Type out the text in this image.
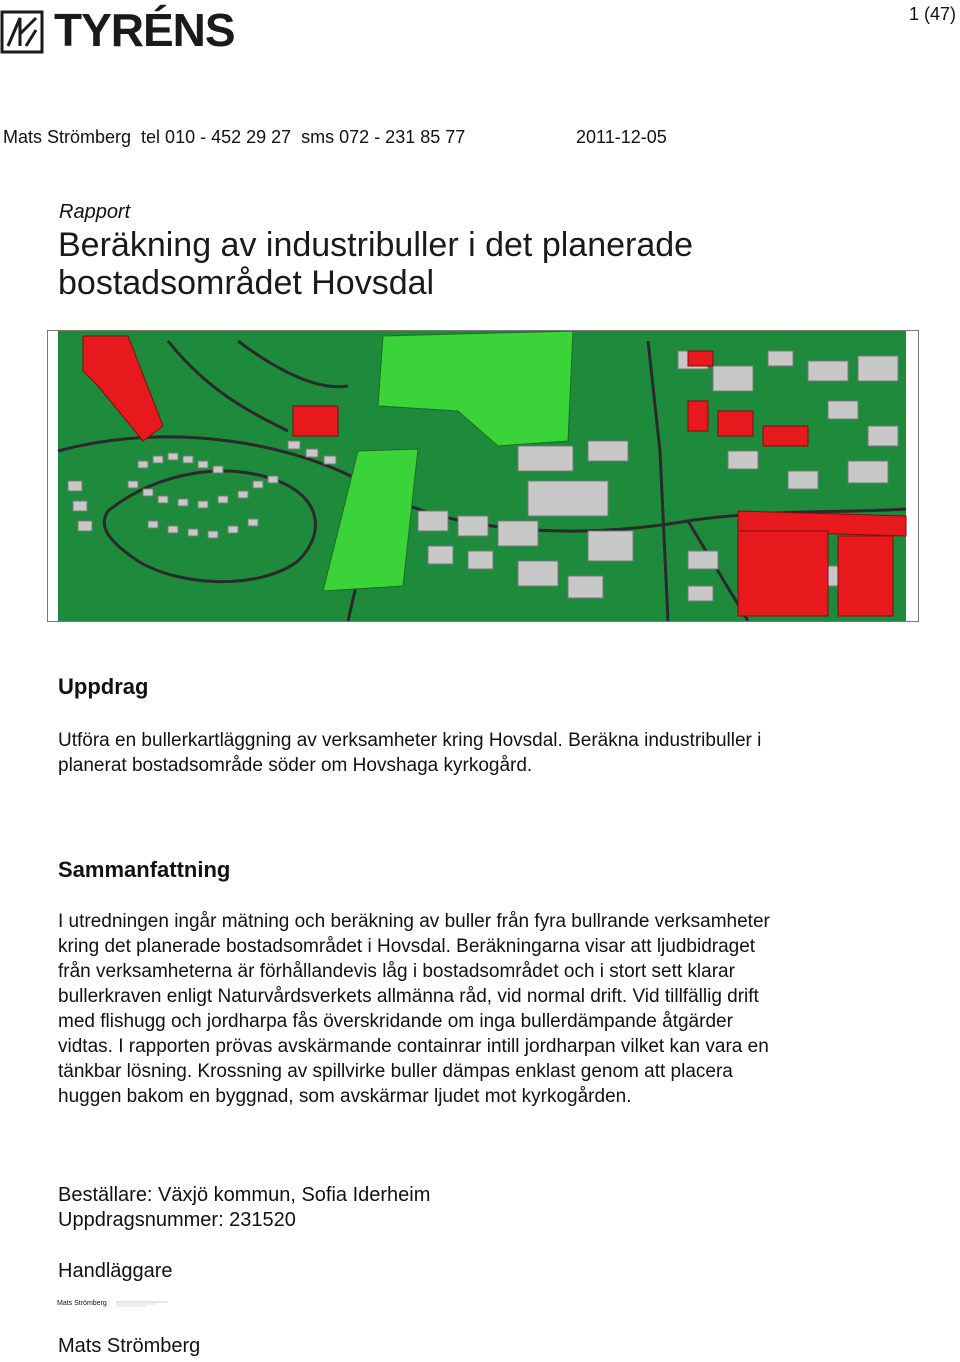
TYRÉNS	1 (47)
Mats Strömberg  tel 010 - 452 29 27  sms 072 - 231 85 77	2011-12-05
Rapport
Beräkning av industribuller i det planerade
bostadsområdet Hovsdal
Uppdrag
Utföra en bullerkartläggning av verksamheter kring Hovsdal. Beräkna industribuller i
planerat bostadsområde söder om Hovshaga kyrkogård.
Sammanfattning
I utredningen ingår mätning och beräkning av buller från fyra bullrande verksamheter
kring det planerade bostadsområdet i Hovsdal. Beräkningarna visar att ljudbidraget
från verksamheterna är förhållandevis låg i bostadsområdet och i stort sett klarar
bullerkraven enligt Naturvårdsverkets allmänna råd, vid normal drift. Vid tillfällig drift
med flishugg och jordharpa fås överskridande om inga bullerdämpande åtgärder
vidtas. I rapporten prövas avskärmande containrar intill jordharpan vilket kan vara en
tänkbar lösning. Krossning av spillvirke buller dämpas enklast genom att placera
huggen bakom en byggnad, som avskärmar ljudet mot kyrkogården.
Beställare: Växjö kommun, Sofia Iderheim
Uppdragsnummer: 231520
Handläggare
Mats Strömberg
Mats Strömberg
